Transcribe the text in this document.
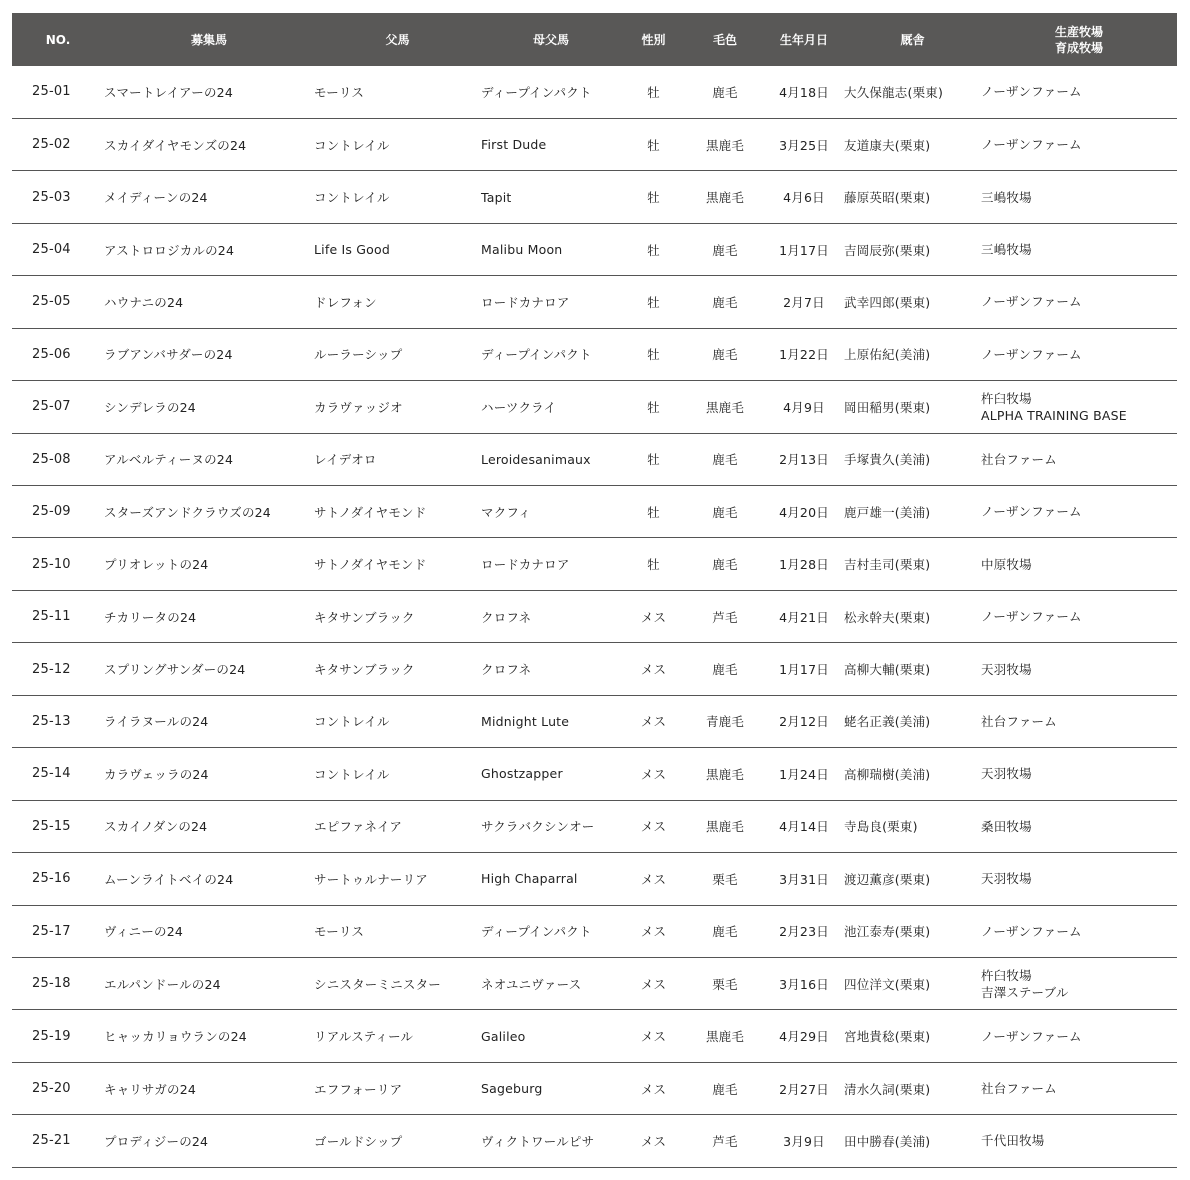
NO.	募集馬	父馬	母父馬	性別	毛色	生年月日	厩舎	生産牧場
育成牧場

25-01	スマートレイアーの24	モーリス	ディープインパクト	牡	鹿毛	4月18日	大久保龍志(栗東)	ノーザンファーム

25-02	スカイダイヤモンズの24	コントレイル	First Dude	牡	黒鹿毛	3月25日	友道康夫(栗東)	ノーザンファーム

25-03	メイディーンの24	コントレイル	Tapit	牡	黒鹿毛	4月6日	藤原英昭(栗東)	三嶋牧場

25-04	アストロロジカルの24	Life Is Good	Malibu Moon	牡	鹿毛	1月17日	吉岡辰弥(栗東)	三嶋牧場

25-05	ハウナニの24	ドレフォン	ロードカナロア	牡	鹿毛	2月7日	武幸四郎(栗東)	ノーザンファーム

25-06	ラブアンバサダーの24	ルーラーシップ	ディープインパクト	牡	鹿毛	1月22日	上原佑紀(美浦)	ノーザンファーム

25-07	シンデレラの24	カラヴァッジオ	ハーツクライ	牡	黒鹿毛	4月9日	岡田稲男(栗東)	杵臼牧場
ALPHA TRAINING BASE

25-08	アルベルティーヌの24	レイデオロ	Leroidesanimaux	牡	鹿毛	2月13日	手塚貴久(美浦)	社台ファーム

25-09	スターズアンドクラウズの24	サトノダイヤモンド	マクフィ	牡	鹿毛	4月20日	鹿戸雄一(美浦)	ノーザンファーム

25-10	プリオレットの24	サトノダイヤモンド	ロードカナロア	牡	鹿毛	1月28日	吉村圭司(栗東)	中原牧場

25-11	チカリータの24	キタサンブラック	クロフネ	メス	芦毛	4月21日	松永幹夫(栗東)	ノーザンファーム

25-12	スプリングサンダーの24	キタサンブラック	クロフネ	メス	鹿毛	1月17日	高柳大輔(栗東)	天羽牧場

25-13	ライラヌールの24	コントレイル	Midnight Lute	メス	青鹿毛	2月12日	蛯名正義(美浦)	社台ファーム

25-14	カラヴェッラの24	コントレイル	Ghostzapper	メス	黒鹿毛	1月24日	高柳瑞樹(美浦)	天羽牧場

25-15	スカイノダンの24	エピファネイア	サクラバクシンオー	メス	黒鹿毛	4月14日	寺島良(栗東)	桑田牧場

25-16	ムーンライトベイの24	サートゥルナーリア	High Chaparral	メス	栗毛	3月31日	渡辺薫彦(栗東)	天羽牧場

25-17	ヴィニーの24	モーリス	ディープインパクト	メス	鹿毛	2月23日	池江泰寿(栗東)	ノーザンファーム

25-18	エルパンドールの24	シニスターミニスター	ネオユニヴァース	メス	栗毛	3月16日	四位洋文(栗東)	杵臼牧場
吉澤ステーブル

25-19	ヒャッカリョウランの24	リアルスティール	Galileo	メス	黒鹿毛	4月29日	宮地貴稔(栗東)	ノーザンファーム

25-20	キャリサガの24	エフフォーリア	Sageburg	メス	鹿毛	2月27日	清水久詞(栗東)	社台ファーム

25-21	プロディジーの24	ゴールドシップ	ヴィクトワールピサ	メス	芦毛	3月9日	田中勝春(美浦)	千代田牧場
